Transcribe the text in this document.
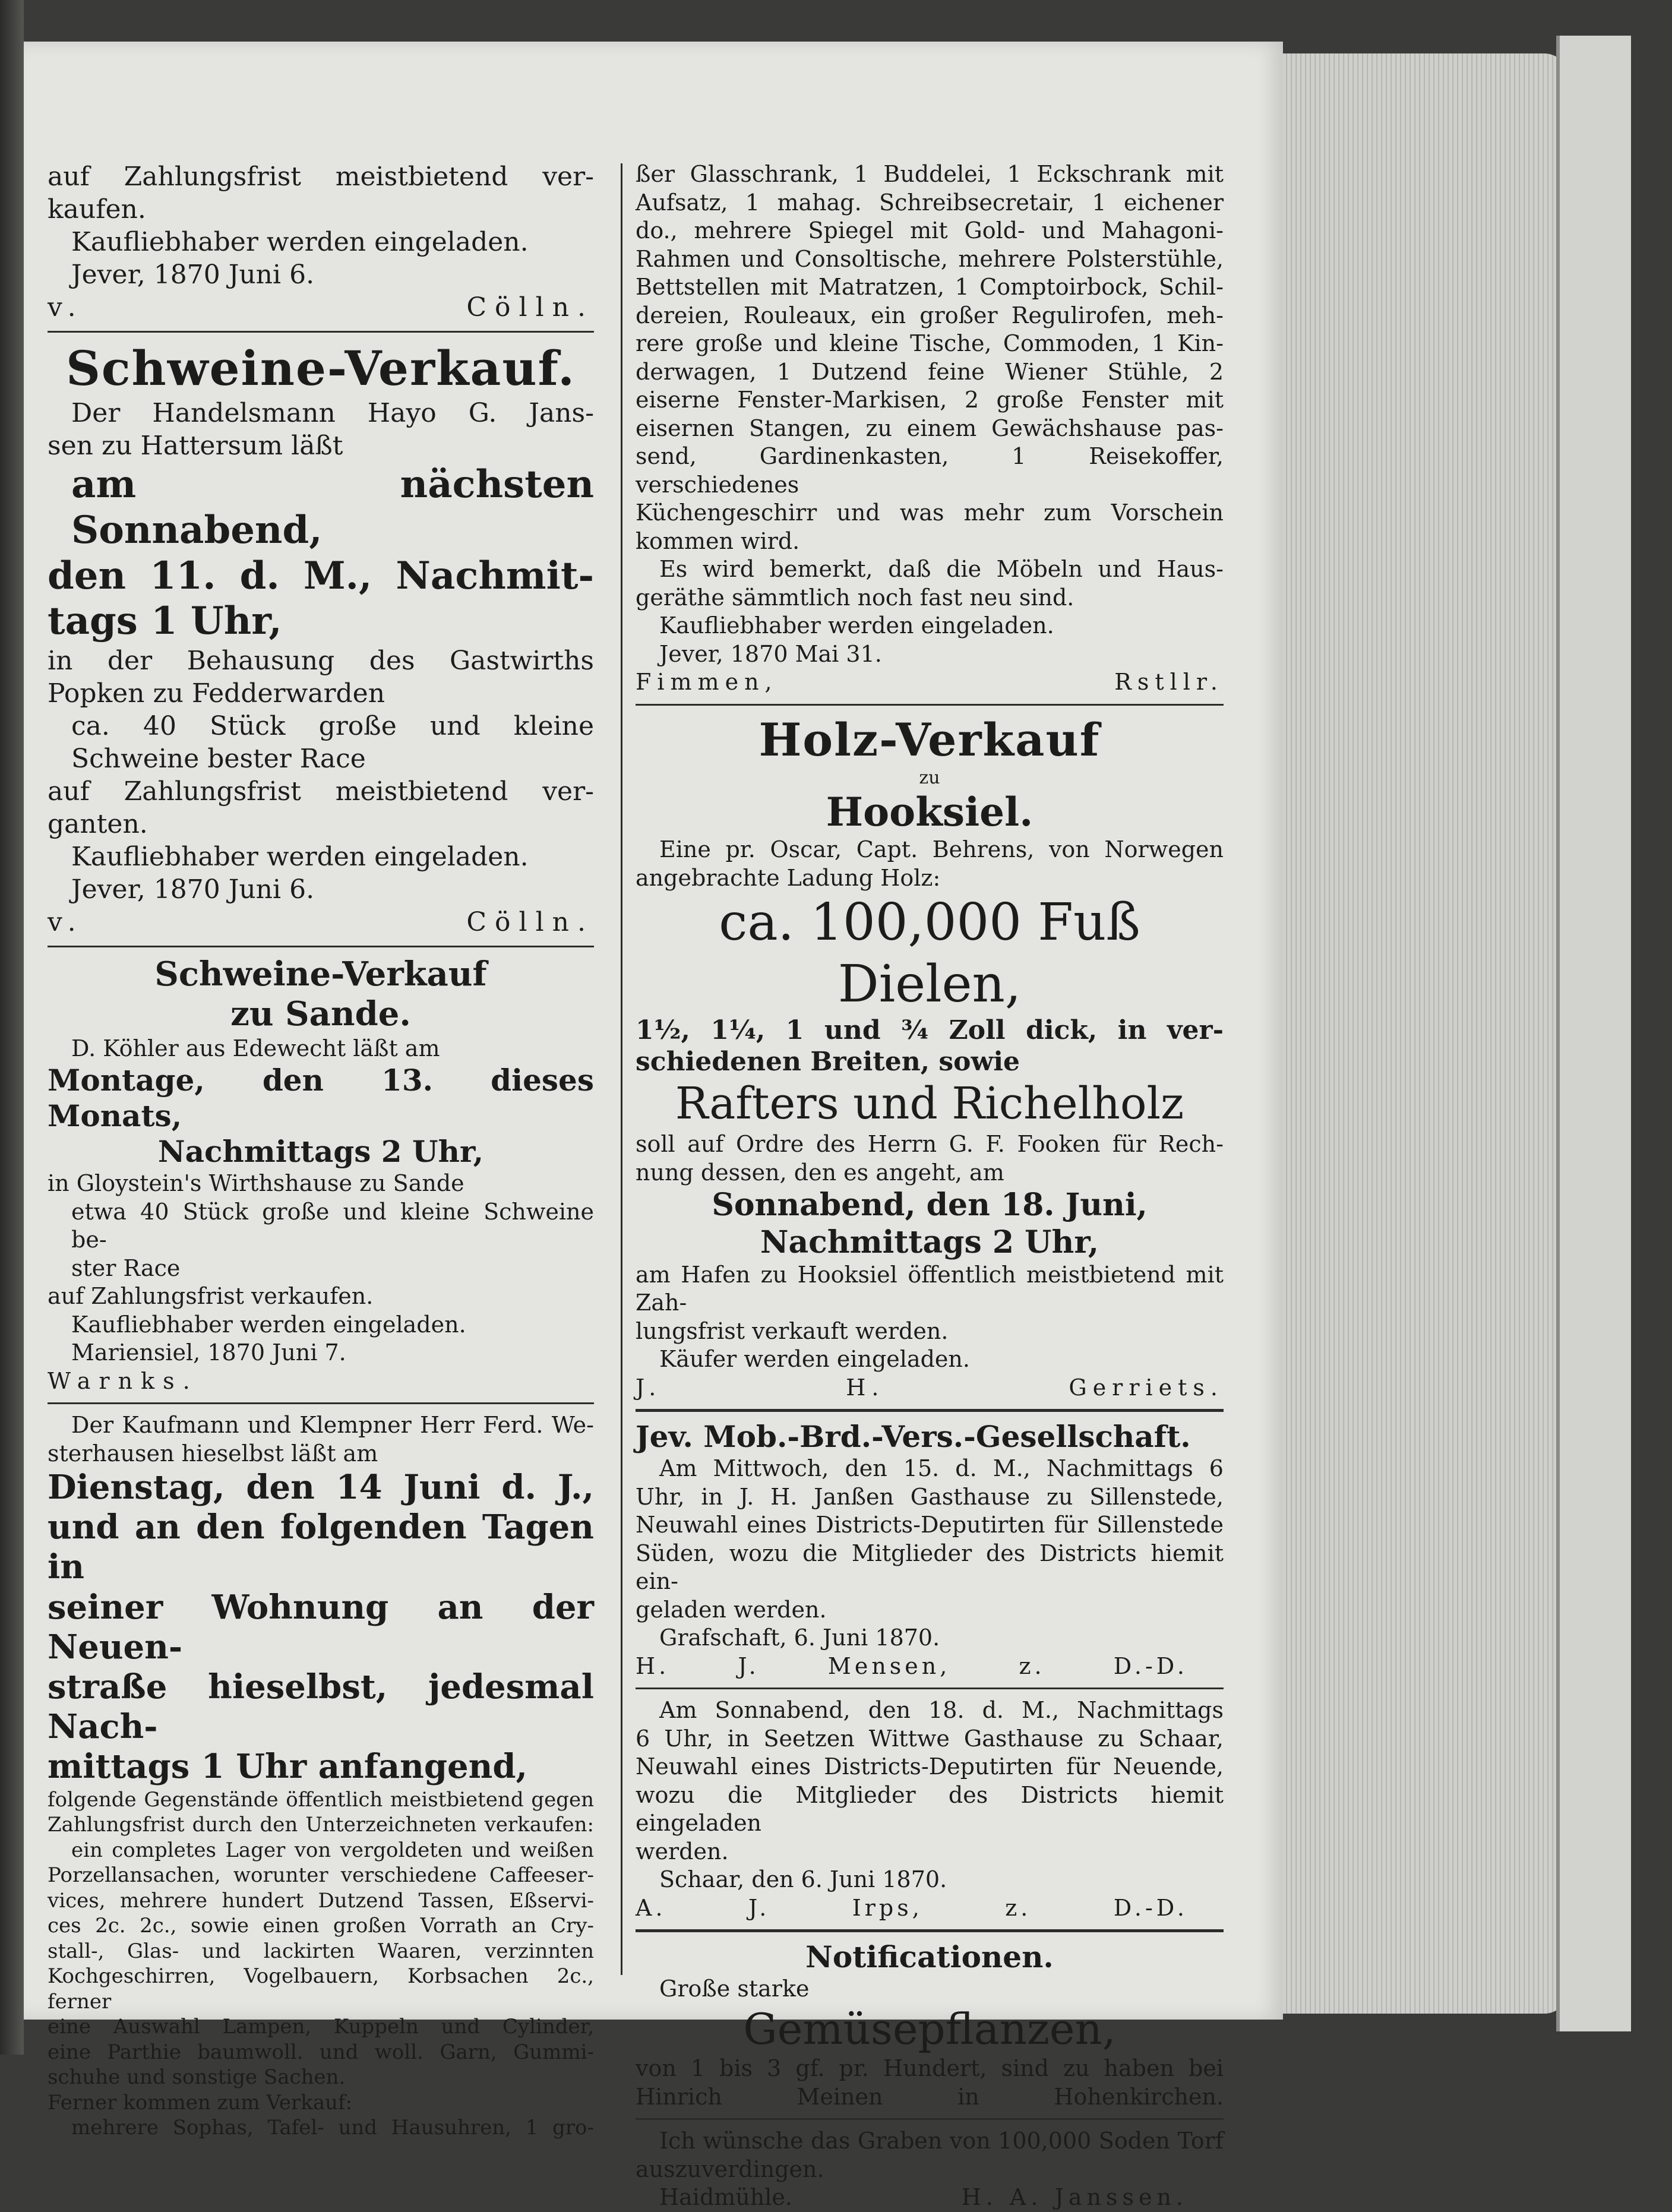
auf Zahlungsfrist meistbietend ver-

kaufen.

Kaufliebhaber werden eingeladen.

Jever, 1870 Juni 6.

v. Cölln.

Schweine-Verkauf.

Der Handelsmann Hayo G. Jans-

sen zu Hattersum läßt

am nächsten Sonnabend,

den 11. d. M., Nachmit-

tags 1 Uhr,

in der Behausung des Gastwirths

Popken zu Fedderwarden

ca. 40 Stück große und kleine

Schweine bester Race

auf Zahlungsfrist meistbietend ver-

ganten.

Kaufliebhaber werden eingeladen.

Jever, 1870 Juni 6.

v. Cölln.

Schweine-Verkauf

zu Sande.

D. Köhler aus Edewecht läßt am

Montage, den 13. dieses Monats,

Nachmittags 2 Uhr,

in Gloystein's Wirthshause zu Sande

etwa 40 Stück große und kleine Schweine be-

ster Race

auf Zahlungsfrist verkaufen.

Kaufliebhaber werden eingeladen.

Mariensiel, 1870 Juni 7.

Warnks.

Der Kaufmann und Klempner Herr Ferd. We-

sterhausen hieselbst läßt am

Dienstag, den 14 Juni d. J.,

und an den folgenden Tagen in

seiner Wohnung an der Neuen-

straße hieselbst, jedesmal Nach-

mittags 1 Uhr anfangend,

folgende Gegenstände öffentlich meistbietend gegen

Zahlungsfrist durch den Unterzeichneten verkaufen:

ein completes Lager von vergoldeten und weißen

Porzellansachen, worunter verschiedene Caffeeser-

vices, mehrere hundert Dutzend Tassen, Eßservi-

ces 2c. 2c., sowie einen großen Vorrath an Cry-

stall-, Glas- und lackirten Waaren, verzinnten

Kochgeschirren, Vogelbauern, Korbsachen 2c., ferner

eine Auswahl Lampen, Kuppeln und Cylinder,

eine Parthie baumwoll. und woll. Garn, Gummi-

schuhe und sonstige Sachen.

Ferner kommen zum Verkauf:

mehrere Sophas, Tafel- und Hausuhren, 1 gro-

ßer Glasschrank, 1 Buddelei, 1 Eckschrank mit

Aufsatz, 1 mahag. Schreibsecretair, 1 eichener

do., mehrere Spiegel mit Gold- und Mahagoni-

Rahmen und Consoltische, mehrere Polsterstühle,

Bettstellen mit Matratzen, 1 Comptoirbock, Schil-

dereien, Rouleaux, ein großer Regulirofen, meh-

rere große und kleine Tische, Commoden, 1 Kin-

derwagen, 1 Dutzend feine Wiener Stühle, 2

eiserne Fenster-Markisen, 2 große Fenster mit

eisernen Stangen, zu einem Gewächshause pas-

send, Gardinenkasten, 1 Reisekoffer, verschiedenes

Küchengeschirr und was mehr zum Vorschein

kommen wird.

Es wird bemerkt, daß die Möbeln und Haus-

geräthe sämmtlich noch fast neu sind.

Kaufliebhaber werden eingeladen.

Jever, 1870 Mai 31.

Fimmen, Rstllr.

Holz-Verkauf

zu

Hooksiel.

Eine pr. Oscar, Capt. Behrens, von Norwegen

angebrachte Ladung Holz:

ca. 100,000 Fuß Dielen,

1½, 1¼, 1 und ¾ Zoll dick, in ver-

schiedenen Breiten, sowie

Rafters und Richelholz

soll auf Ordre des Herrn G. F. Fooken für Rech-

nung dessen, den es angeht, am

Sonnabend, den 18. Juni,

Nachmittags 2 Uhr,

am Hafen zu Hooksiel öffentlich meistbietend mit Zah-

lungsfrist verkauft werden.

Käufer werden eingeladen.

J. H. Gerriets.

Jev. Mob.-Brd.-Vers.-Gesellschaft.

Am Mittwoch, den 15. d. M., Nachmittags 6

Uhr, in J. H. Janßen Gasthause zu Sillenstede,

Neuwahl eines Districts-Deputirten für Sillenstede

Süden, wozu die Mitglieder des Districts hiemit ein-

geladen werden.

Grafschaft, 6. Juni 1870.

H. J. Mensen, z. D.-D.

Am Sonnabend, den 18. d. M., Nachmittags

6 Uhr, in Seetzen Wittwe Gasthause zu Schaar,

Neuwahl eines Districts-Deputirten für Neuende,

wozu die Mitglieder des Districts hiemit eingeladen

werden.

Schaar, den 6. Juni 1870.

A. J. Irps, z. D.-D.

Notificationen.

Große starke

Gemüsepflanzen,

von 1 bis 3 gf. pr. Hundert, sind zu haben bei

Hinrich Meinen in Hohenkirchen.

Ich wünsche das Graben von 100,000 Soden Torf

auszuverdingen.

Haidmühle.	H. A. Janssen.
